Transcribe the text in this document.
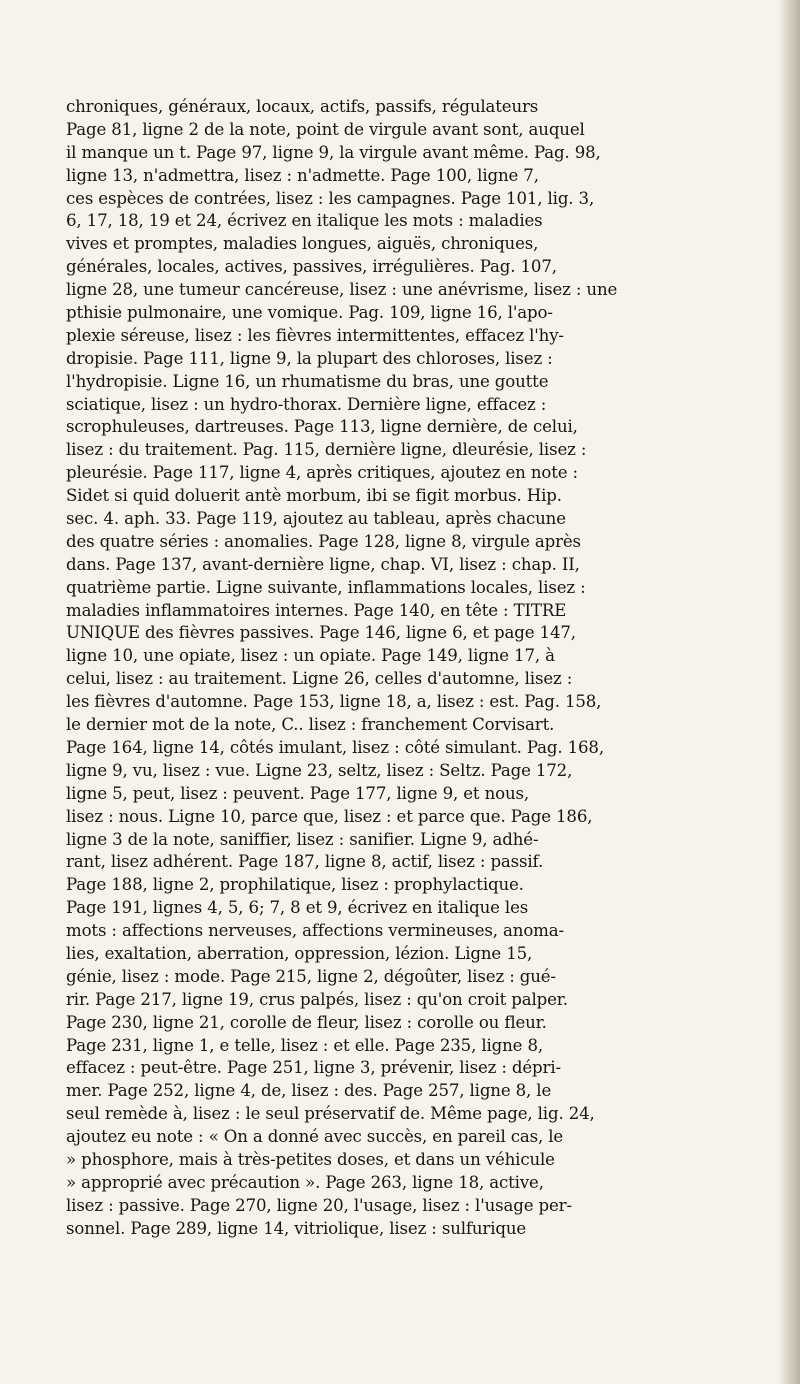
chroniques, généraux, locaux, actifs, passifs, régulateurs
Page 81, ligne 2 de la note, point de virgule avant sont, auquel
il manque un t. Page 97, ligne 9, la virgule avant même. Pag. 98,
ligne 13, n'admettra, lisez : n'admette. Page 100, ligne 7,
ces espèces de contrées, lisez : les campagnes. Page 101, lig. 3,
6, 17, 18, 19 et 24, écrivez en italique les mots : maladies
vives et promptes, maladies longues, aiguës, chroniques,
générales, locales, actives, passives, irrégulières. Pag. 107,
ligne 28, une tumeur cancéreuse, lisez : une anévrisme, lisez : une
pthisie pulmonaire, une vomique. Pag. 109, ligne 16, l'apo-
plexie séreuse, lisez : les fièvres intermittentes, effacez l'hy-
dropisie. Page 111, ligne 9, la plupart des chloroses, lisez :
l'hydropisie. Ligne 16, un rhumatisme du bras, une goutte
sciatique, lisez : un hydro-thorax. Dernière ligne, effacez :
scrophuleuses, dartreuses. Page 113, ligne dernière, de celui,
lisez : du traitement. Pag. 115, dernière ligne, dleurésie, lisez :
pleurésie. Page 117, ligne 4, après critiques, ajoutez en note :
Sidet si quid doluerit antè morbum, ibi se figit morbus. Hip.
sec. 4. aph. 33. Page 119, ajoutez au tableau, après chacune
des quatre séries : anomalies. Page 128, ligne 8, virgule après
dans. Page 137, avant-dernière ligne, chap. VI, lisez : chap. II,
quatrième partie. Ligne suivante, inflammations locales, lisez :
maladies inflammatoires internes. Page 140, en tête : TITRE
UNIQUE des fièvres passives. Page 146, ligne 6, et page 147,
ligne 10, une opiate, lisez : un opiate. Page 149, ligne 17, à
celui, lisez : au traitement. Ligne 26, celles d'automne, lisez :
les fièvres d'automne. Page 153, ligne 18, a, lisez : est. Pag. 158,
le dernier mot de la note, C.. lisez : franchement Corvisart.
Page 164, ligne 14, côtés imulant, lisez : côté simulant. Pag. 168,
ligne 9, vu, lisez : vue. Ligne 23, seltz, lisez : Seltz. Page 172,
ligne 5, peut, lisez : peuvent. Page 177, ligne 9, et nous,
lisez : nous. Ligne 10, parce que, lisez : et parce que. Page 186,
ligne 3 de la note, saniffier, lisez : sanifier. Ligne 9, adhé-
rant, lisez adhérent. Page 187, ligne 8, actif, lisez : passif.
Page 188, ligne 2, prophilatique, lisez : prophylactique.
Page 191, lignes 4, 5, 6; 7, 8 et 9, écrivez en italique les
mots : affections nerveuses, affections vermineuses, anoma-
lies, exaltation, aberration, oppression, lézion. Ligne 15,
génie, lisez : mode. Page 215, ligne 2, dégoûter, lisez : gué-
rir. Page 217, ligne 19, crus palpés, lisez : qu'on croit palper.
Page 230, ligne 21, corolle de fleur, lisez : corolle ou fleur.
Page 231, ligne 1, e telle, lisez : et elle. Page 235, ligne 8,
effacez : peut-être. Page 251, ligne 3, prévenir, lisez : dépri-
mer. Page 252, ligne 4, de, lisez : des. Page 257, ligne 8, le
seul remède à, lisez : le seul préservatif de. Même page, lig. 24,
ajoutez eu note : « On a donné avec succès, en pareil cas, le
» phosphore, mais à très-petites doses, et dans un véhicule
» approprié avec précaution ». Page 263, ligne 18, active,
lisez : passive. Page 270, ligne 20, l'usage, lisez : l'usage per-
sonnel. Page 289, ligne 14, vitriolique, lisez : sulfurique
